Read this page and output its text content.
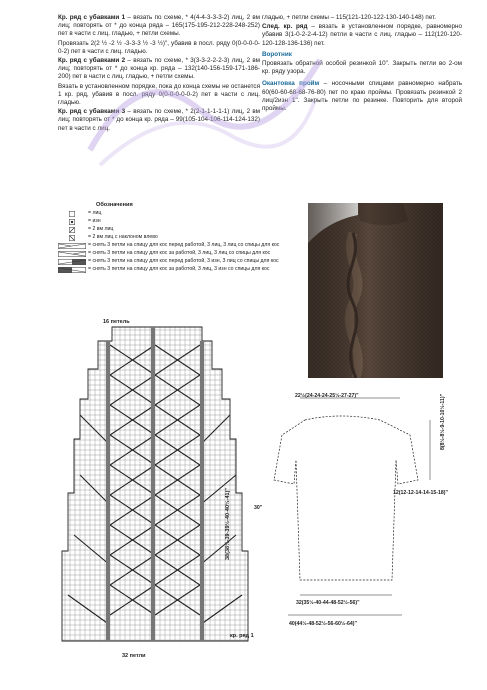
Кр. ряд с убавками 1 – вязать по схеме, * 4(4-4-3-3-3-2) лиц, 2 вм лиц; повторять от * до конца ряда – 165(175-195-212-228-248-252) пет в части с лиц. гладью, + петли схемы.

Провязать 2(2 ½ -2 ½ -3-3-3 ½ -3 ½)", убавив в посл. ряду 0(0-0-0-0-0-2) пет в части с лиц. гладью.

Кр. ряд с убавками 2 – вязать по схеме, * 3(3-3-2-2-2-3) лиц, 2 вм лиц; повторять от * до конца кр. ряда – 132(140-156-159-171-186-200) пет в части с лиц. гладью, + петли схемы.

Вязать в установленном порядке, пока до конца схемы не останется 1 кр. ряд, убавив в посл. ряду 0(0-0-0-0-0-2) пет в части с лиц. гладью.

Кр. ряд с убавками 3 – вязать по схеме, * 2(2-1-1-1-1-1) лиц, 2 вм лиц; повторять от * до конца кр. ряда – 99(105-104-106-114-124-132) пет в части с лиц.

гладью, + петли схемы – 115(121-120-122-130-140-148) пет.

След. кр. ряд – вязать в установленном порядке, равномерно убавив 3(1-0-2-2-4-12) петли в части с лиц. гладью – 112(120-120-120-128-136-136) пет.

Воротник

Провязать обратной особой резинкой 10". Закрыть петли во 2-ом кр. ряду узора.

Окантовка пройм – носочными спицами равномерно набрать 60(60-60-68-68-76-80) пет по краю проймы. Провязать резинкой 2 лиц/2изн 1". Закрыть петли по резинке. Повторить для второй проймы.

Обозначения
= лиц
= изн
= 2 вм лиц
= 2 вм лиц с наклоном влево
= снять 3 петли на спицу для кос перед работой, 3 лиц, 3 лиц со спицы для кос
= снять 3 петли на спицу для кос за работой, 3 лиц, 3 лиц со спицы для кос
= снять 3 петли на спицу для кос перед работой, 3 изн, 3 лиц со спицы для кос
= снять 3 петли на спицу для кос за работой, 3 лиц, 3 изн со спицы для кос
16 петель
38(38½-39-39½-40-40½-41)"
кр. ряд 1
32 петли
22½(24-24-24-25½-27-27)"	8(8½-8½-9-10-10½-11)"
12(12-12-14-14-15-18)"
30"
32(35½-40-44-48-52½-56)"
40(44½-48-52½-56-60½-64)"
